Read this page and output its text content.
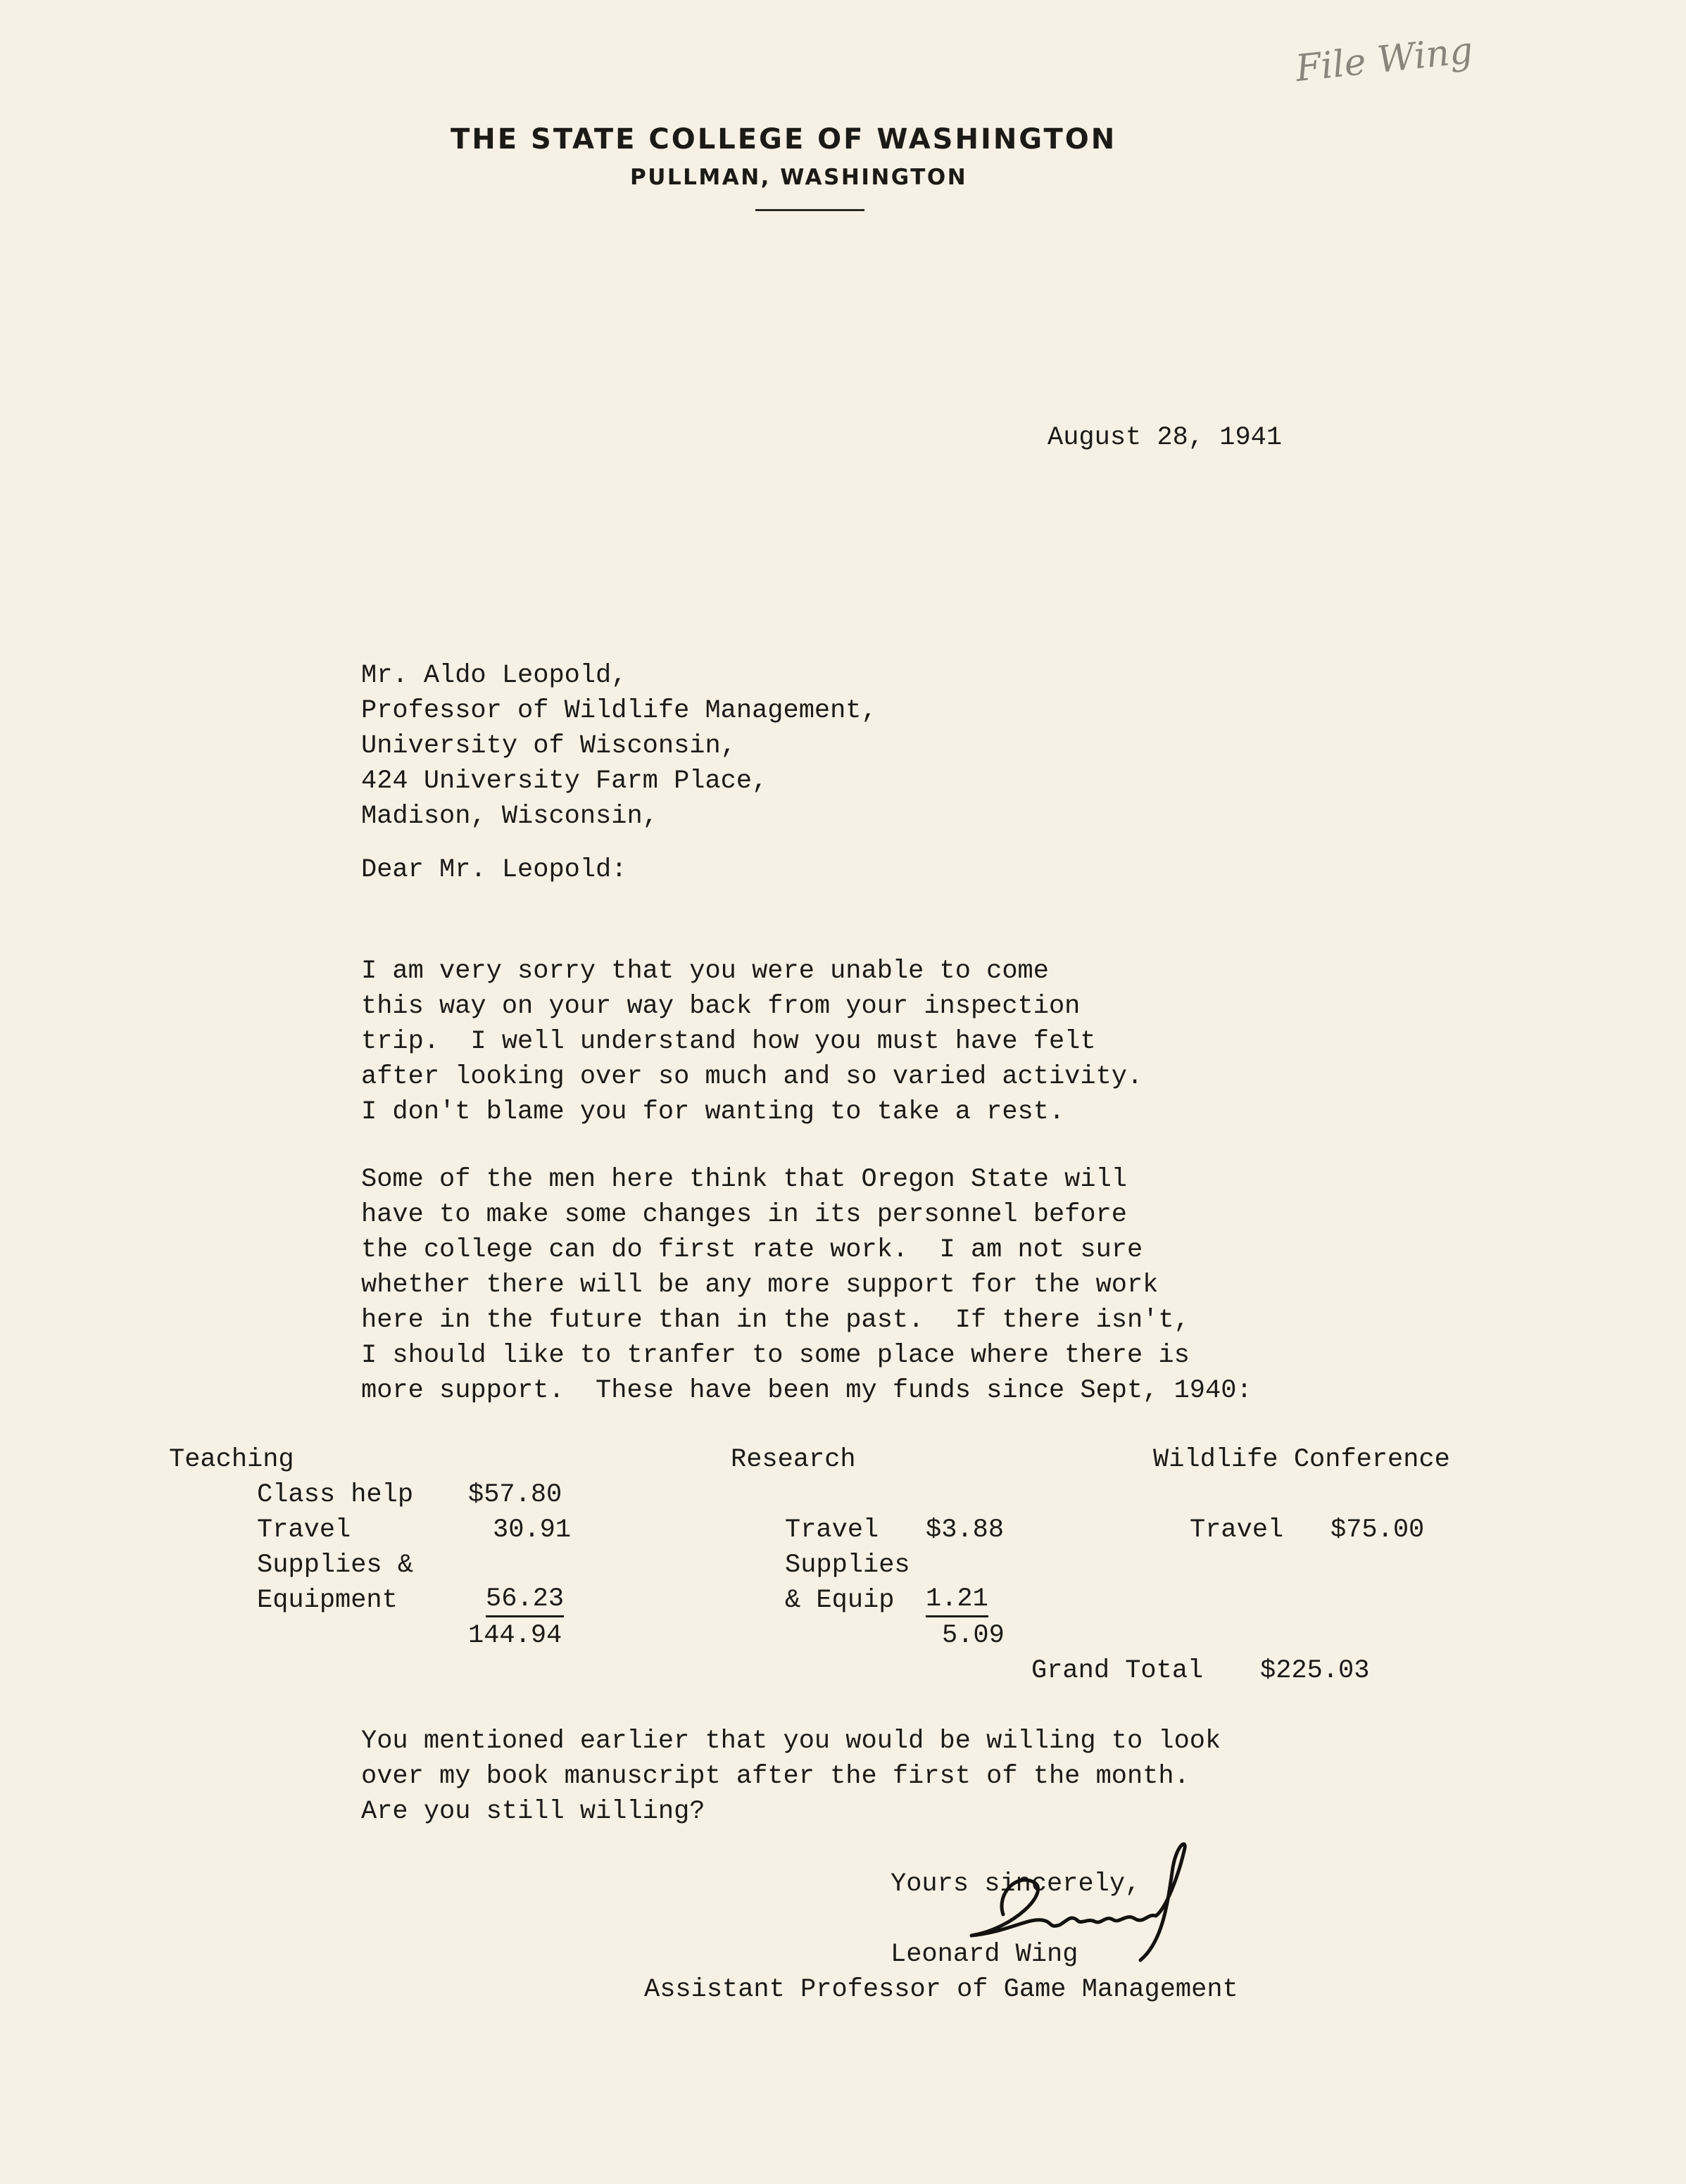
THE STATE COLLEGE OF WASHINGTON
PULLMAN, WASHINGTON
File Wing
August 28, 1941
Mr. Aldo Leopold,
Professor of Wildlife Management,
University of Wisconsin,
424 University Farm Place,
Madison, Wisconsin,
Dear Mr. Leopold:
I am very sorry that you were unable to come
this way on your way back from your inspection
trip.  I well understand how you must have felt
after looking over so much and so varied activity.
I don't blame you for wanting to take a rest.
Some of the men here think that Oregon State will
have to make some changes in its personnel before
the college can do first rate work.  I am not sure
whether there will be any more support for the work
here in the future than in the past.  If there isn't,
I should like to tranfer to some place where there is
more support.  These have been my funds since Sept, 1940:
Teaching
Class help $57.80
Travel	30.91
Supplies &
Equipment	56.23
144.94
Research
Travel $3.88
Supplies
& Equip 1.21
5.09
Wildlife Conference
Travel $75.00
Grand Total $225.03
You mentioned earlier that you would be willing to look
over my book manuscript after the first of the month.
Are you still willing?
Yours sincerely,
Leonard Wing
Assistant Professor of Game Management
